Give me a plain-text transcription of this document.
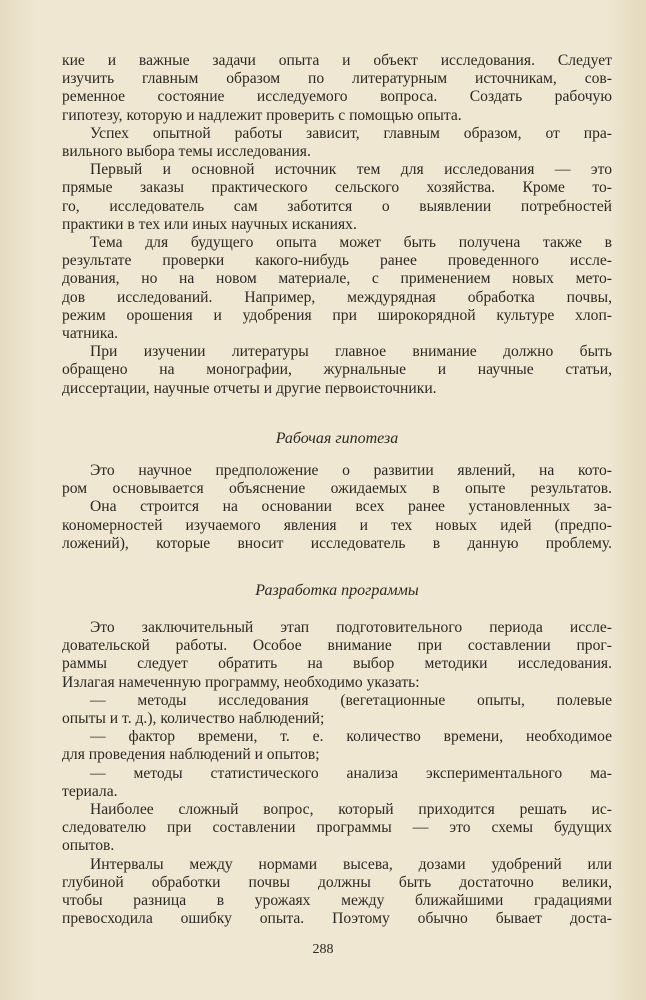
кие и важные задачи опыта и объект исследования. Следует
изучить главным образом по литературным источникам, сов-
ременное состояние исследуемого вопроса. Создать рабочую
гипотезу, которую и надлежит проверить с помощью опыта.
Успех опытной работы зависит, главным образом, от пра-
вильного выбора темы исследования.
Первый и основной источник тем для исследования — это
прямые заказы практического сельского хозяйства. Кроме то-
го, исследователь сам заботится о выявлении потребностей
практики в тех или иных научных исканиях.
Тема для будущего опыта может быть получена также в
результате проверки какого-нибудь ранее проведенного иссле-
дования, но на новом материале, с применением новых мето-
дов исследований. Например, междурядная обработка почвы,
режим орошения и удобрения при широкорядной культуре хлоп-
чатника.
При изучении литературы главное внимание должно быть
обращено на монографии, журнальные и научные статьи,
диссертации, научные отчеты и другие первоисточники.
Рабочая гипотеза
Это научное предположение о развитии явлений, на кото-
ром основывается объяснение ожидаемых в опыте результатов.
Она строится на основании всех ранее установленных за-
кономерностей изучаемого явления и тех новых идей (предпо-
ложений), которые вносит исследователь в данную проблему.
Разработка программы
Это заключительный этап подготовительного периода иссле-
довательской работы. Особое внимание при составлении прог-
раммы следует обратить на выбор методики исследования.
Излагая намеченную программу, необходимо указать:
— методы исследования (вегетационные опыты, полевые
опыты и т. д.), количество наблюдений;
— фактор времени, т. е. количество времени, необходимое
для проведения наблюдений и опытов;
— методы статистического анализа экспериментального ма-
териала.
Наиболее сложный вопрос, который приходится решать ис-
следователю при составлении программы — это схемы будущих
опытов.
Интервалы между нормами высева, дозами удобрений или
глубиной обработки почвы должны быть достаточно велики,
чтобы разница в урожаях между ближайшими градациями
превосходила ошибку опыта. Поэтому обычно бывает доста-
288
